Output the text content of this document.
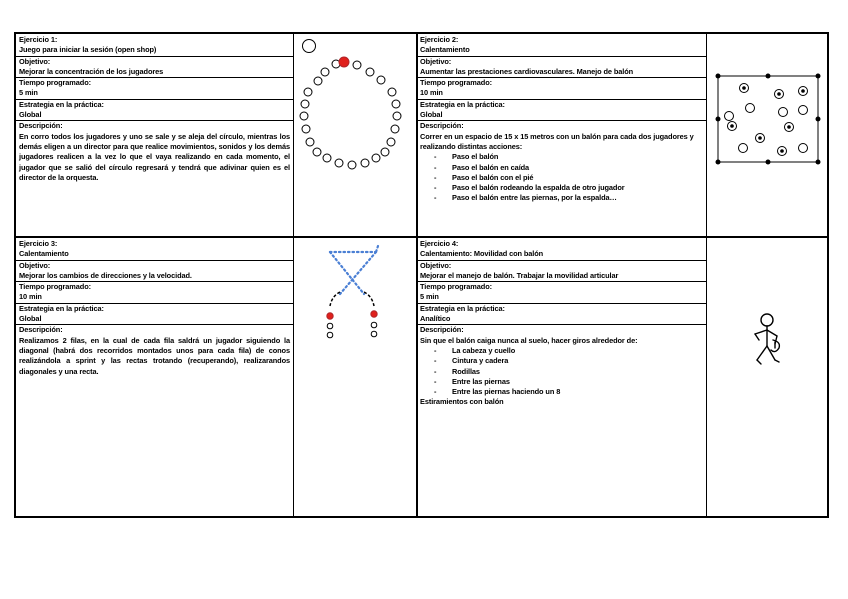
Ejercicio 1:
Juego para iniciar la sesión (open shop)
Objetivo:
Mejorar la concentración de los jugadores
Tiempo programado:
5 min
Estrategia en la práctica:
Global
Descripción:
En corro todos los jugadores y uno se sale y se aleja del círculo, mientras los demás eligen a un director para que realice movimientos, sonidos y los demás jugadores realicen a la vez lo que el vaya realizando en cada momento, el jugador que se salió del círculo regresará y tendrá que adivinar quien es el director de la orquesta.
Ejercicio 2:
Calentamiento
Objetivo:
Aumentar las prestaciones cardiovasculares. Manejo de balón
Tiempo programado:
10 min
Estrategia en la práctica:
Global
Descripción:
Correr en un espacio de 15 x 15 metros con un balón para cada dos jugadores y realizando distintas acciones:
- Paso el balón
- Paso el balón en caída
- Paso el balón con el pié
- Paso el balón rodeando la espalda de otro jugador
- Paso el balón entre las piernas, por la espalda…
Ejercicio 3:
Calentamiento
Objetivo:
Mejorar los cambios de direcciones y la velocidad.
Tiempo programado:
10 min
Estrategia en la práctica:
Global
Descripción:
Realizamos 2 filas, en la cual de cada fila saldrá un jugador siguiendo la diagonal (habrá dos recorridos montados unos para cada fila) de conos realizándola a sprint y las rectas trotando (recuperando), realizarandos diagonales y una recta.
Ejercicio 4:
Calentamiento: Movilidad con balón
Objetivo:
Mejorar el manejo de balón. Trabajar la movilidad articular
Tiempo programado:
5 min
Estrategia en la práctica:
Analítico
Descripción:
Sin que el balón caiga nunca al suelo, hacer giros alrededor de:
- La cabeza y cuello
- Cintura y cadera
- Rodillas
- Entre las piernas
- Entre las piernas haciendo un 8
Estiramientos con balón
